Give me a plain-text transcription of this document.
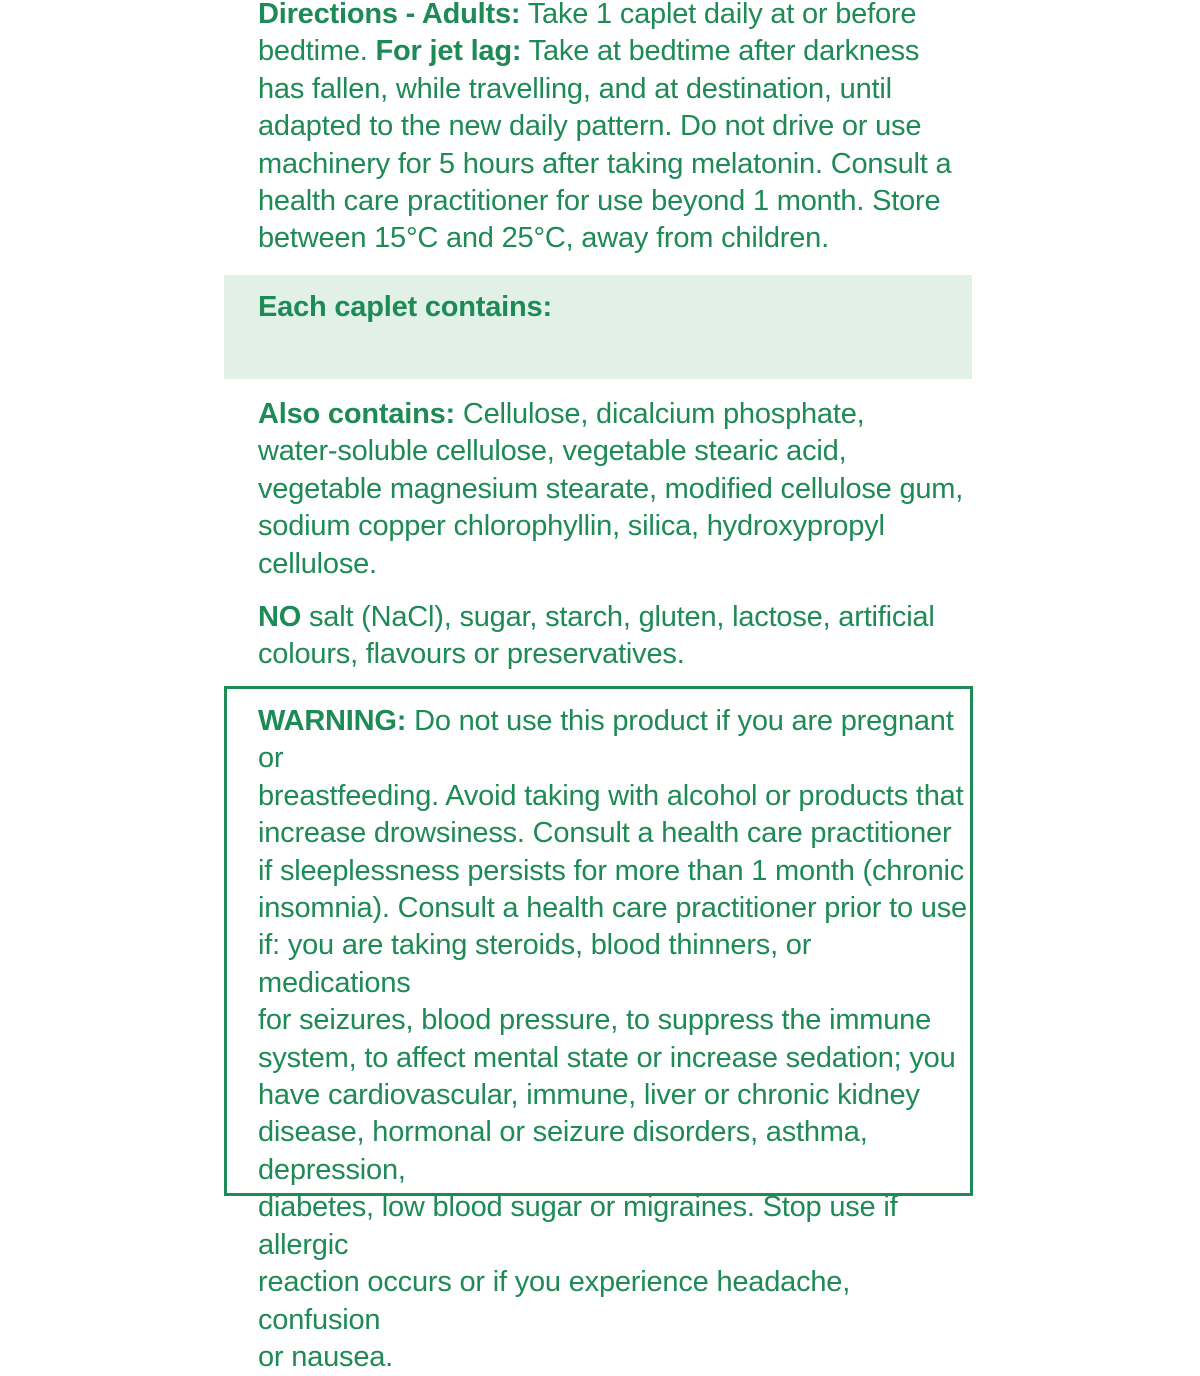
Directions - Adults: Take 1 caplet daily at or before
bedtime. For jet lag: Take at bedtime after darkness
has fallen, while travelling, and at destination, until
adapted to the new daily pattern. Do not drive or use
machinery for 5 hours after taking melatonin. Consult a
health care practitioner for use beyond 1 month. Store
between 15°C and 25°C, away from children.
Each caplet contains:
Also contains: Cellulose, dicalcium phosphate,
water-soluble cellulose, vegetable stearic acid,
vegetable magnesium stearate, modified cellulose gum,
sodium copper chlorophyllin, silica, hydroxypropyl
cellulose.
NO salt (NaCl), sugar, starch, gluten, lactose, artificial
colours, flavours or preservatives.
WARNING: Do not use this product if you are pregnant or
breastfeeding. Avoid taking with alcohol or products that
increase drowsiness. Consult a health care practitioner
if sleeplessness persists for more than 1 month (chronic
insomnia). Consult a health care practitioner prior to use
if: you are taking steroids, blood thinners, or medications
for seizures, blood pressure, to suppress the immune
system, to affect mental state or increase sedation; you
have cardiovascular, immune, liver or chronic kidney
disease, hormonal or seizure disorders, asthma, depression,
diabetes, low blood sugar or migraines. Stop use if allergic
reaction occurs or if you experience headache, confusion
or nausea.
